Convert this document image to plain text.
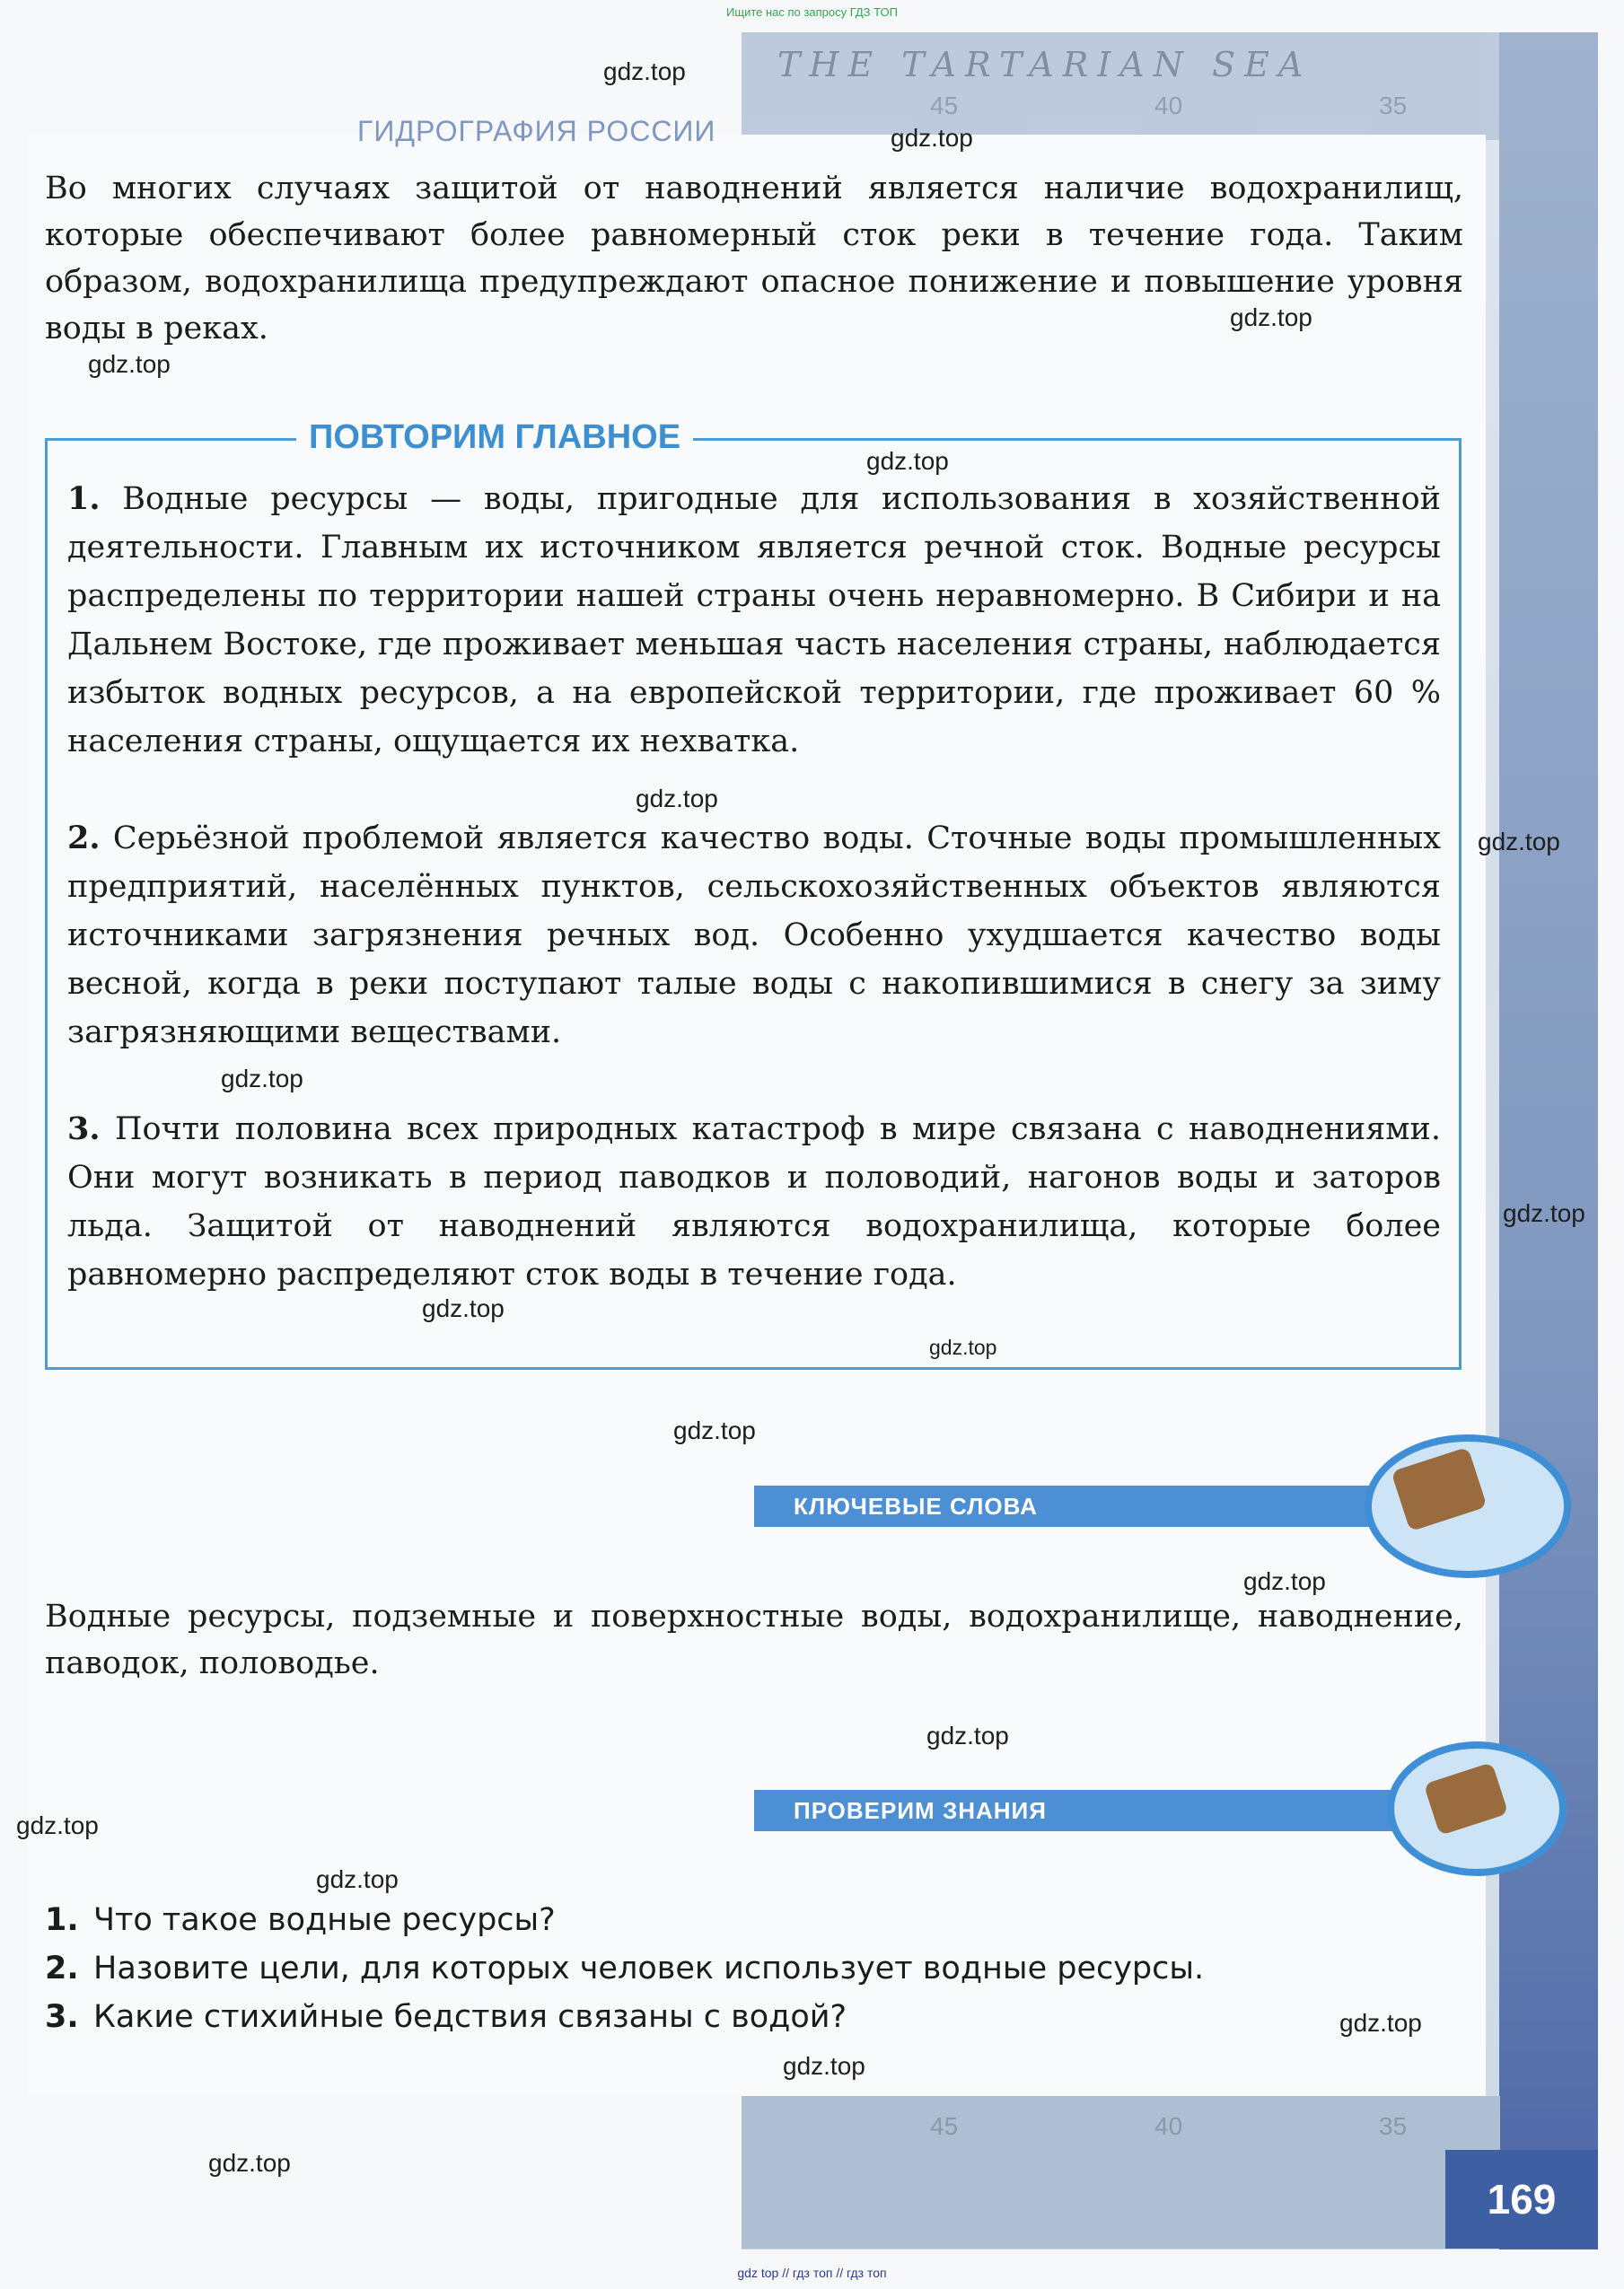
Ищите нас по запросу ГДЗ ТОП
THE TARTARIAN SEA
45	40	35
45	40	35
169
ГИДРОГРАФИЯ РОССИИ
Во многих случаях защитой от наводнений является наличие водохранилищ, которые обеспечивают более равномерный сток реки в течение года. Таким образом, водохранилища предупреждают опасное понижение и повышение уровня воды в реках.
1. Водные ресурсы — воды, пригодные для использования в хозяйственной деятельности. Главным их источником является речной сток. Водные ресурсы распределены по территории нашей страны очень неравномерно. В Сибири и на Дальнем Востоке, где проживает меньшая часть населения страны, наблюдается избыток водных ресурсов, а на европейской территории, где проживает 60 % населения страны, ощущается их нехватка.
2. Серьёзной проблемой является качество воды. Сточные воды промышленных предприятий, населённых пунктов, сельскохозяйственных объектов являются источниками загрязнения речных вод. Особенно ухудшается качество воды весной, когда в реки поступают талые воды с накопившимися в снегу за зиму загрязняющими веществами.
3. Почти половина всех природных катастроф в мире связана с наводнениями. Они могут возникать в период паводков и половодий, нагонов воды и заторов льда. Защитой от наводнений являются водохранилища, которые более равномерно распределяют сток воды в течение года.
ПОВТОРИМ ГЛАВНОЕ
КЛЮЧЕВЫЕ СЛОВА
Водные ресурсы, подземные и поверхностные воды, водохранилище, наводнение, паводок, половодье.
ПРОВЕРИМ ЗНАНИЯ
1. Что такое водные ресурсы?
2. Назовите цели, для которых человек использует водные ресурсы.
3. Какие стихийные бедствия связаны с водой?
gdz.top
gdz.top
gdz.top
gdz.top
gdz.top
gdz.top
gdz.top
gdz.top
gdz.top
gdz.top
gdz.top
gdz.top
gdz.top
gdz.top
gdz.top
gdz.top
gdz.top
gdz.top
gdz.top
gdz top // гдз топ // гдз топ
